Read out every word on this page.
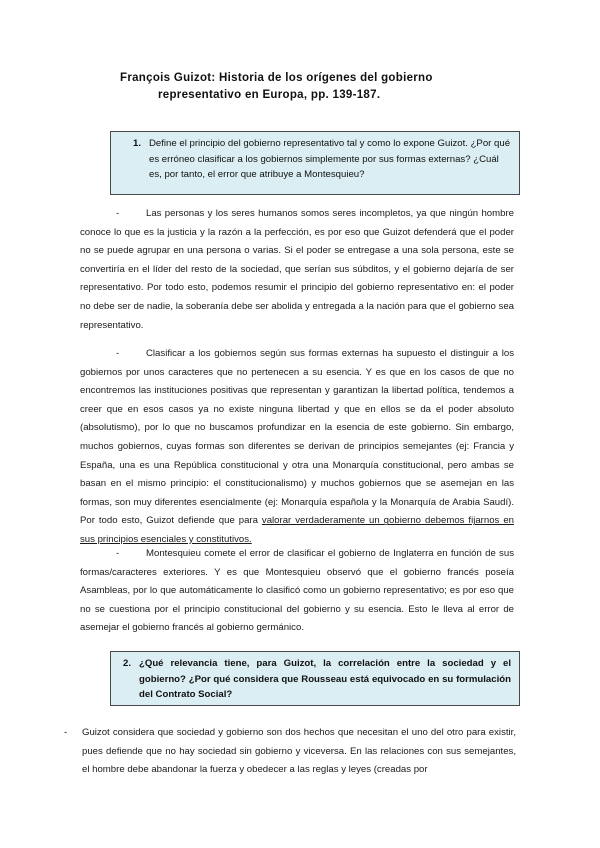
François Guizot: Historia de los orígenes del gobierno
representativo en Europa, pp. 139-187.
1. Define el principio del gobierno representativo tal y como lo expone Guizot. ¿Por qué es erróneo clasificar a los gobiernos simplemente por sus formas externas? ¿Cuál es, por tanto, el error que atribuye a Montesquieu?
-	Las personas y los seres humanos somos seres incompletos, ya que ningún hombre conoce lo que es la justicia y la razón a la perfección, es por eso que Guizot defenderá que el poder no se puede agrupar en una persona o varias. Si el poder se entregase a una sola persona, este se convertiría en el líder del resto de la sociedad, que serían sus súbditos, y el gobierno dejaría de ser representativo. Por todo esto, podemos resumir el principio del gobierno representativo en: el poder no debe ser de nadie, la soberanía debe ser abolida y entregada a la nación para que el gobierno sea representativo.
-	Clasificar a los gobiernos según sus formas externas ha supuesto el distinguir a los gobiernos por unos caracteres que no pertenecen a su esencia. Y es que en los casos de que no encontremos las instituciones positivas que representan y garantizan la libertad política, tendemos a creer que en esos casos ya no existe ninguna libertad y que en ellos se da el poder absoluto (absolutismo), por lo que no buscamos profundizar en la esencia de este gobierno. Sin embargo, muchos gobiernos, cuyas formas son diferentes se derivan de principios semejantes (ej: Francia y España, una es una República constitucional y otra una Monarquía constitucional, pero ambas se basan en el mismo principio: el constitucionalismo) y muchos gobiernos que se asemejan en las formas, son muy diferentes esencialmente (ej: Monarquía española y la Monarquía de Arabia Saudí). Por todo esto, Guizot defiende que para valorar verdaderamente un gobierno debemos fijarnos en sus principios esenciales y constitutivos.
-	Montesquieu comete el error de clasificar el gobierno de Inglaterra en función de sus formas/caracteres exteriores. Y es que Montesquieu observó que el gobierno francés poseía Asambleas, por lo que automáticamente lo clasificó como un gobierno representativo; es por eso que no se cuestiona por el principio constitucional del gobierno y su esencia. Esto le lleva al error de asemejar el gobierno francés al gobierno germánico.
2. ¿Qué relevancia tiene, para Guizot, la correlación entre la sociedad y el gobierno? ¿Por qué considera que Rousseau está equivocado en su formulación del Contrato Social?
- Guizot considera que sociedad y gobierno son dos hechos que necesitan el uno del otro para existir, pues defiende que no hay sociedad sin gobierno y viceversa. En las relaciones con sus semejantes, el hombre debe abandonar la fuerza y obedecer a las reglas y leyes (creadas por
